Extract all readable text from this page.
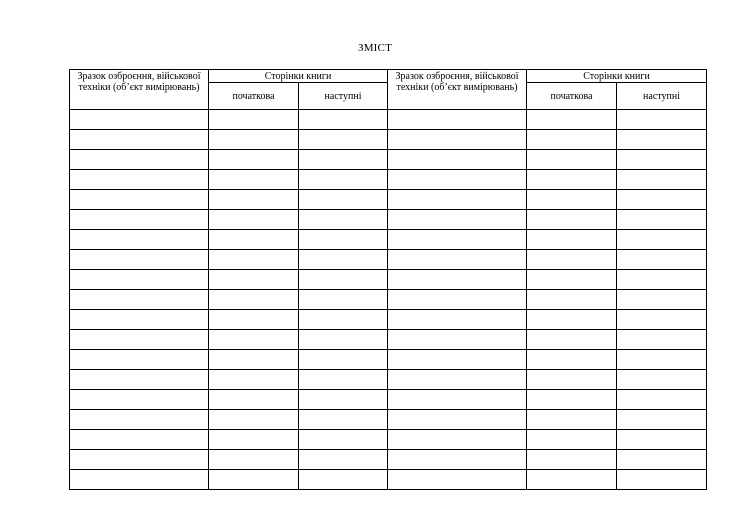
ЗМІСТ
Зразок озброєння, військової техніки (об’єкт вимірювань)	Сторінки книги		Зразок озброєння, військової техніки (об’єкт вимірювань)	Сторінки книги	
	початкова	наступні		початкова	наступні
